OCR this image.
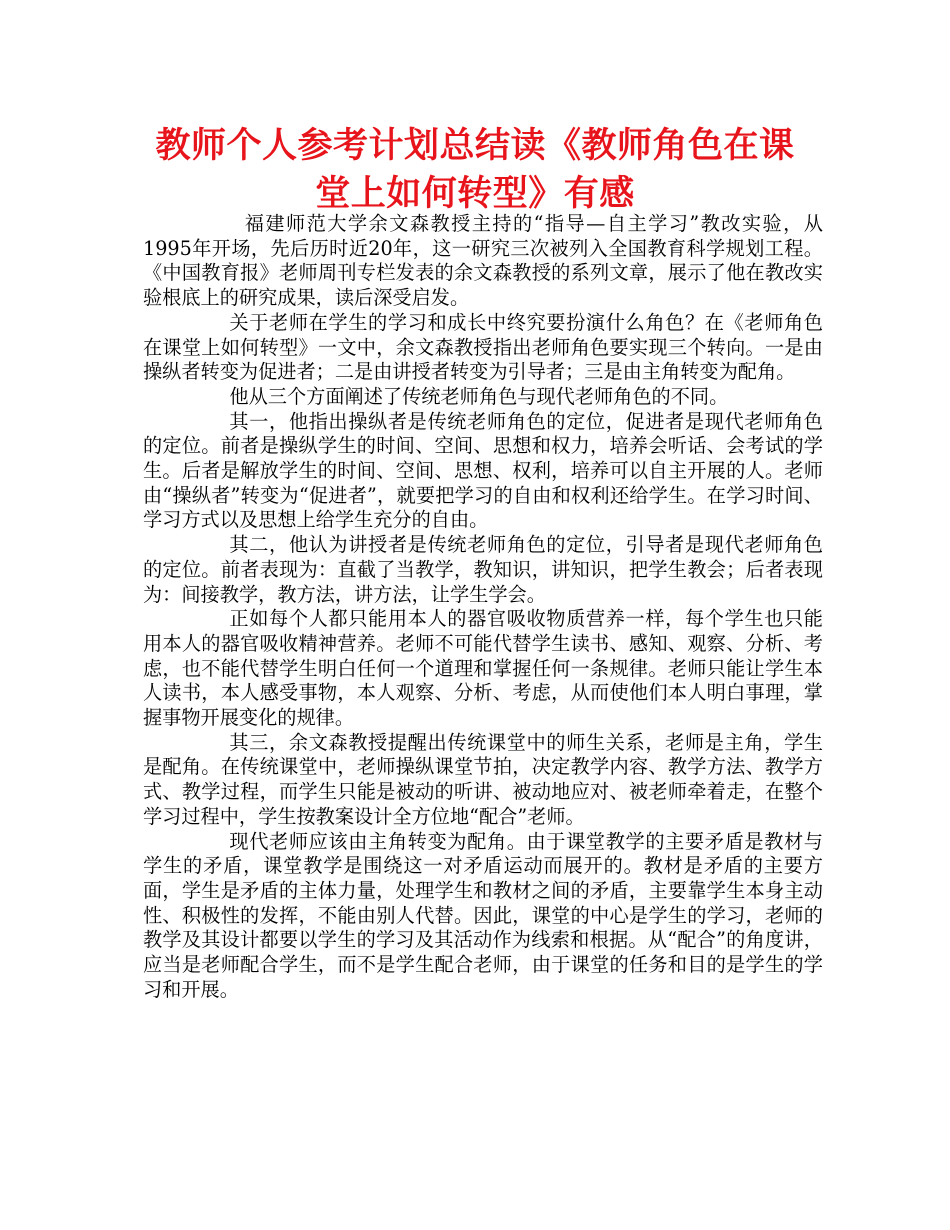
教师个人参考计划总结读《教师角色在课
堂上如何转型》有感

福建师范大学余文森教授主持的“指导—自主学习”教改实验，从1995年开场，先后历时近20年，这一研究三次被列入全国教育科学规划工程。《中国教育报》老师周刊专栏发表的余文森教授的系列文章，展示了他在教改实验根底上的研究成果，读后深受启发。

关于老师在学生的学习和成长中终究要扮演什么角色？在《老师角色在课堂上如何转型》一文中，余文森教授指出老师角色要实现三个转向。一是由操纵者转变为促进者；二是由讲授者转变为引导者；三是由主角转变为配角。

他从三个方面阐述了传统老师角色与现代老师角色的不同。

其一，他指出操纵者是传统老师角色的定位，促进者是现代老师角色的定位。前者是操纵学生的时间、空间、思想和权力，培养会听话、会考试的学生。后者是解放学生的时间、空间、思想、权利，培养可以自主开展的人。老师由“操纵者”转变为“促进者”，就要把学习的自由和权利还给学生。在学习时间、学习方式以及思想上给学生充分的自由。

其二，他认为讲授者是传统老师角色的定位，引导者是现代老师角色的定位。前者表现为：直截了当教学，教知识，讲知识，把学生教会；后者表现为：间接教学，教方法，讲方法，让学生学会。

正如每个人都只能用本人的器官吸收物质营养一样，每个学生也只能用本人的器官吸收精神营养。老师不可能代替学生读书、感知、观察、分析、考虑，也不能代替学生明白任何一个道理和掌握任何一条规律。老师只能让学生本人读书，本人感受事物，本人观察、分析、考虑，从而使他们本人明白事理，掌握事物开展变化的规律。

其三，余文森教授提醒出传统课堂中的师生关系，老师是主角，学生是配角。在传统课堂中，老师操纵课堂节拍，决定教学内容、教学方法、教学方式、教学过程，而学生只能是被动的听讲、被动地应对、被老师牵着走，在整个学习过程中，学生按教案设计全方位地“配合”老师。

现代老师应该由主角转变为配角。由于课堂教学的主要矛盾是教材与学生的矛盾，课堂教学是围绕这一对矛盾运动而展开的。教材是矛盾的主要方面，学生是矛盾的主体力量，处理学生和教材之间的矛盾，主要靠学生本身主动性、积极性的发挥，不能由别人代替。因此，课堂的中心是学生的学习，老师的教学及其设计都要以学生的学习及其活动作为线索和根据。从“配合”的角度讲，应当是老师配合学生，而不是学生配合老师，由于课堂的任务和目的是学生的学习和开展。
